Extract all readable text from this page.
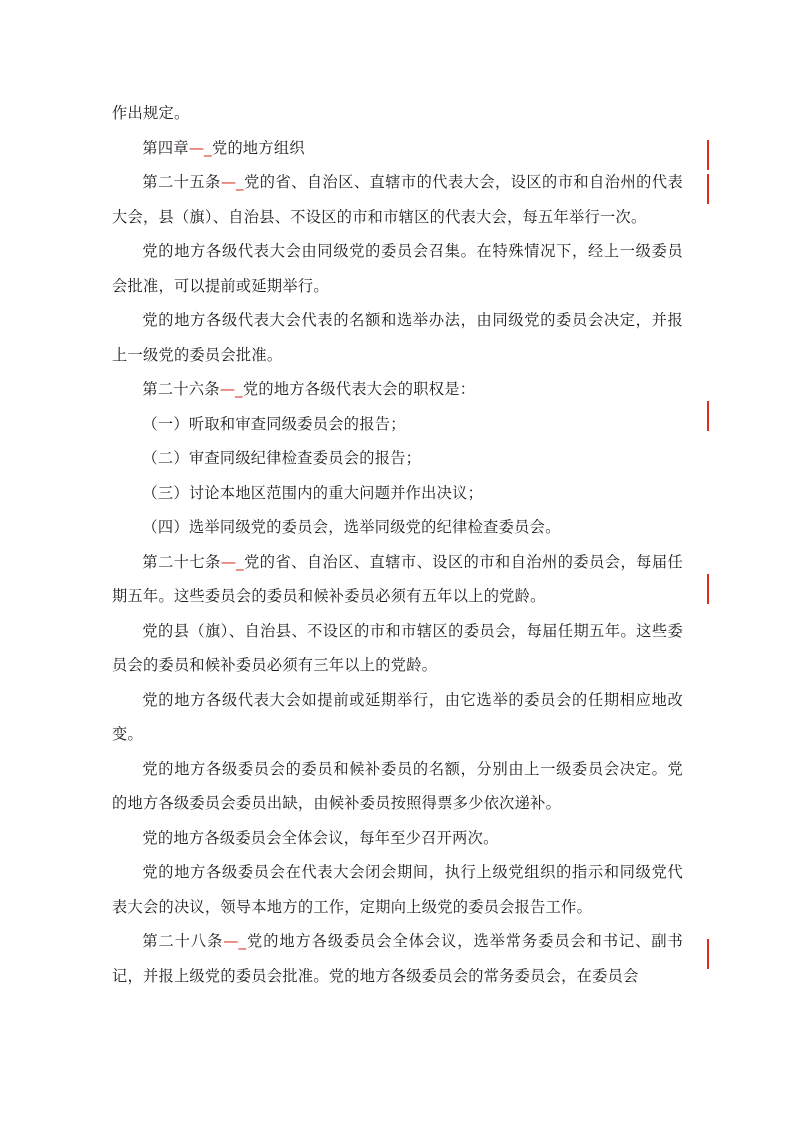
作出规定。

第四章—_党的地方组织

第二十五条—_党的省、自治区、直辖市的代表大会，设区的市和自治州的代表大会，县（旗）、自治县、不设区的市和市辖区的代表大会，每五年举行一次。

党的地方各级代表大会由同级党的委员会召集。在特殊情况下，经上一级委员会批准，可以提前或延期举行。

党的地方各级代表大会代表的名额和选举办法，由同级党的委员会决定，并报上一级党的委员会批准。

第二十六条—_党的地方各级代表大会的职权是：

（一）听取和审查同级委员会的报告；

（二）审查同级纪律检查委员会的报告；

（三）讨论本地区范围内的重大问题并作出决议；

（四）选举同级党的委员会，选举同级党的纪律检查委员会。

第二十七条—_党的省、自治区、直辖市、设区的市和自治州的委员会，每届任期五年。这些委员会的委员和候补委员必须有五年以上的党龄。

党的县（旗）、自治县、不设区的市和市辖区的委员会，每届任期五年。这些委员会的委员和候补委员必须有三年以上的党龄。

党的地方各级代表大会如提前或延期举行，由它选举的委员会的任期相应地改变。

党的地方各级委员会的委员和候补委员的名额，分别由上一级委员会决定。党的地方各级委员会委员出缺，由候补委员按照得票多少依次递补。

党的地方各级委员会全体会议，每年至少召开两次。

党的地方各级委员会在代表大会闭会期间，执行上级党组织的指示和同级党代表大会的决议，领导本地方的工作，定期向上级党的委员会报告工作。

第二十八条—_党的地方各级委员会全体会议，选举常务委员会和书记、副书记，并报上级党的委员会批准。党的地方各级委员会的常务委员会，在委员会
